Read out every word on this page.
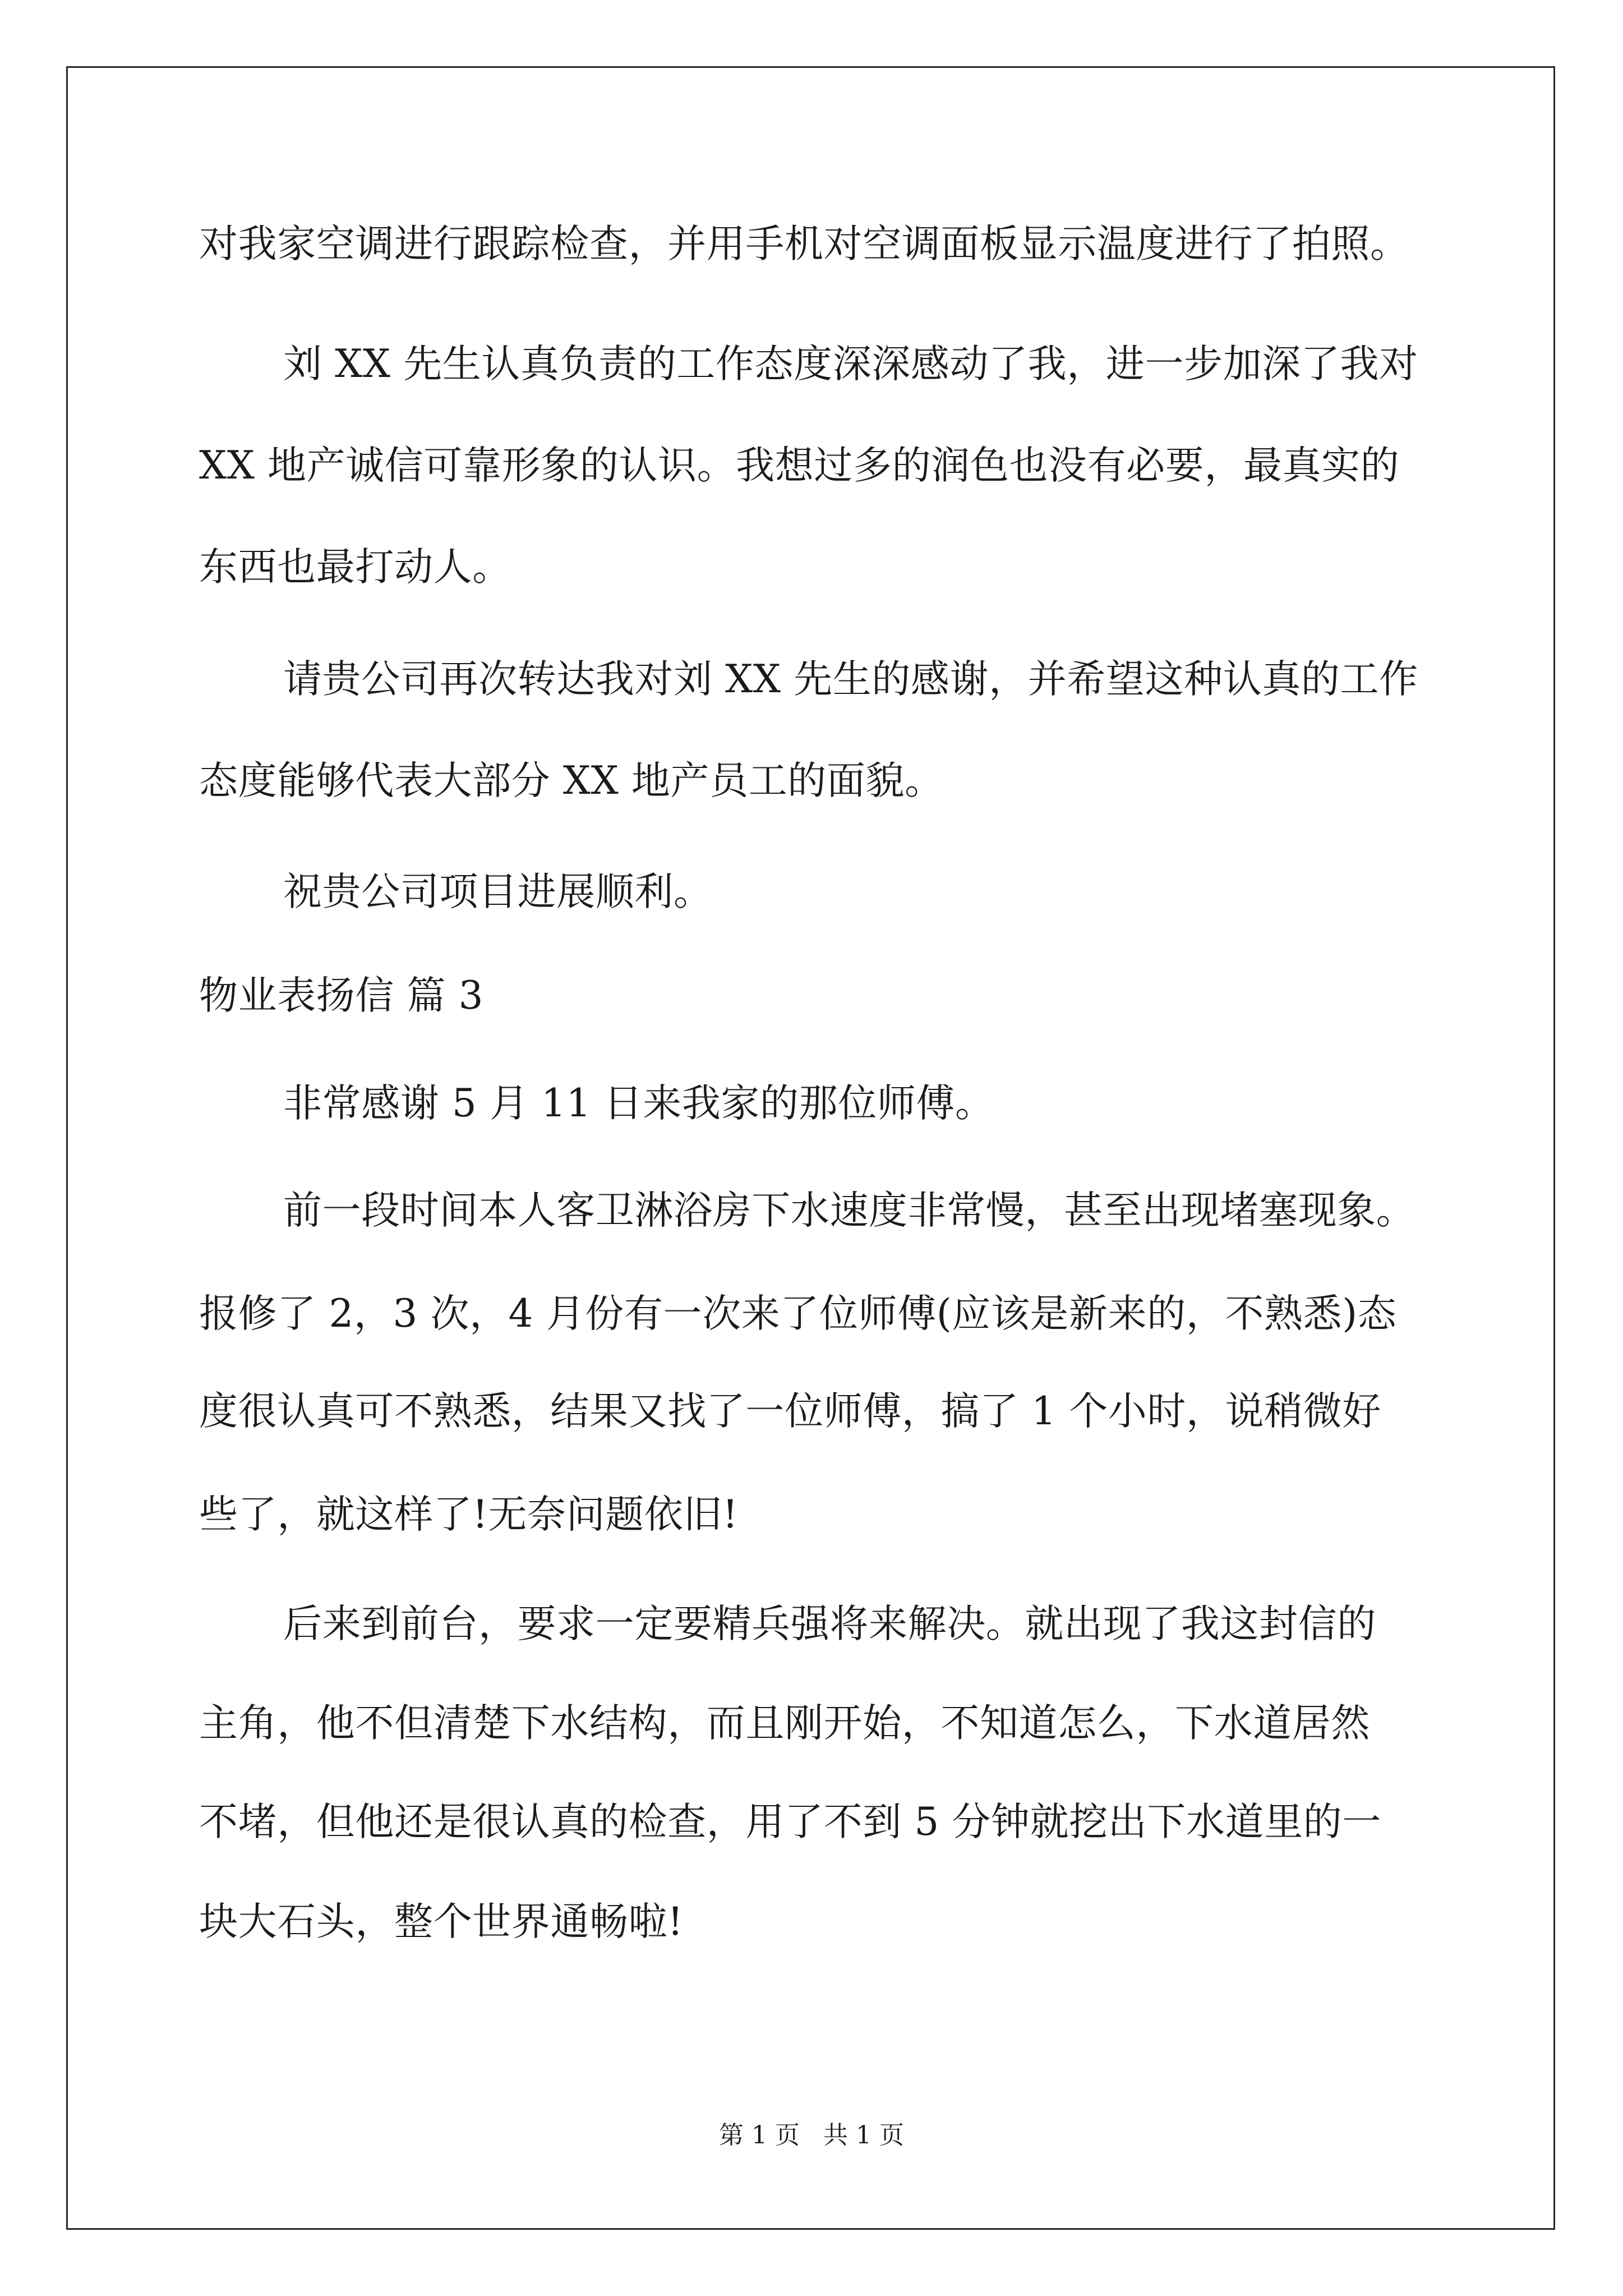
对我家空调进行跟踪检查，并用手机对空调面板显示温度进行了拍照。
刘 XX 先生认真负责的工作态度深深感动了我，进一步加深了我对
XX 地产诚信可靠形象的认识。我想过多的润色也没有必要，最真实的
东西也最打动人。
请贵公司再次转达我对刘 XX 先生的感谢，并希望这种认真的工作
态度能够代表大部分 XX 地产员工的面貌。
祝贵公司项目进展顺利。
物业表扬信 篇 3
非常感谢 5 月 11 日来我家的那位师傅。
前一段时间本人客卫淋浴房下水速度非常慢，甚至出现堵塞现象。
报修了 2，3 次，4 月份有一次来了位师傅(应该是新来的，不熟悉)态
度很认真可不熟悉，结果又找了一位师傅，搞了 1 个小时，说稍微好
些了，就这样了!无奈问题依旧!
后来到前台，要求一定要精兵强将来解决。就出现了我这封信的
主角，他不但清楚下水结构，而且刚开始，不知道怎么，下水道居然
不堵，但他还是很认真的检查，用了不到 5 分钟就挖出下水道里的一
块大石头，整个世界通畅啦!
第 1 页 共 1 页
